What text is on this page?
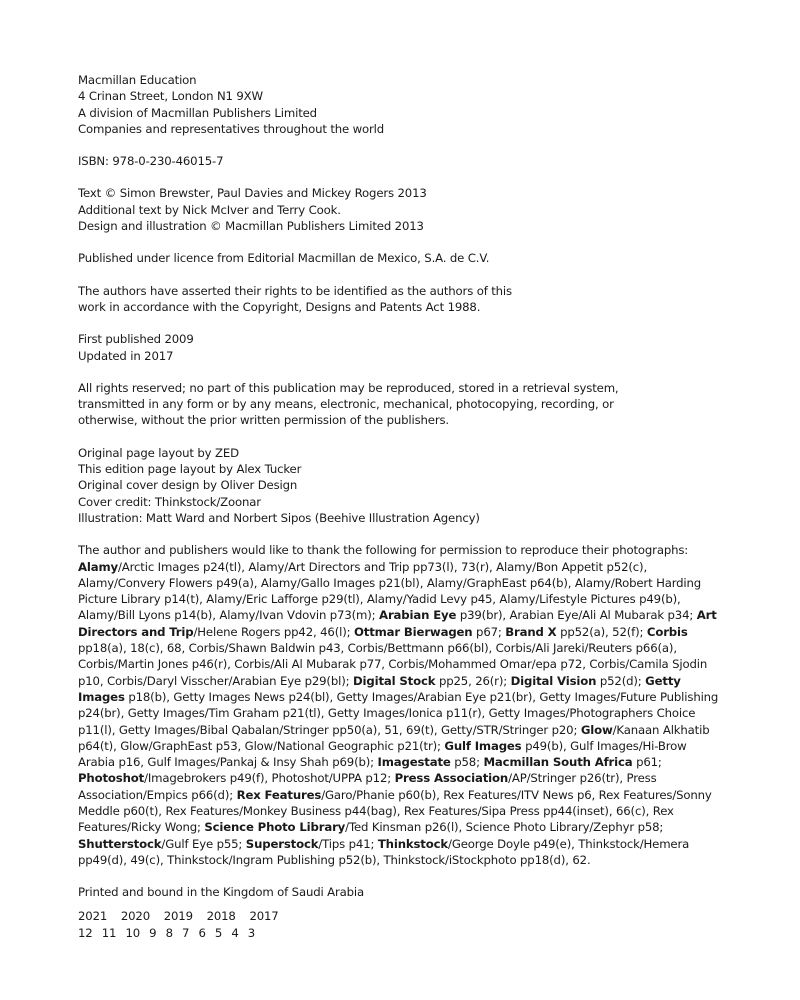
Macmillan Education
4 Crinan Street, London N1 9XW
A division of Macmillan Publishers Limited
Companies and representatives throughout the world
ISBN: 978-0-230-46015-7
Text © Simon Brewster, Paul Davies and Mickey Rogers 2013
Additional text by Nick McIver and Terry Cook.
Design and illustration © Macmillan Publishers Limited 2013
Published under licence from Editorial Macmillan de Mexico, S.A. de C.V.
The authors have asserted their rights to be identified as the authors of this
work in accordance with the Copyright, Designs and Patents Act 1988.
First published 2009
Updated in 2017
All rights reserved; no part of this publication may be reproduced, stored in a retrieval system,
transmitted in any form or by any means, electronic, mechanical, photocopying, recording, or
otherwise, without the prior written permission of the publishers.
Original page layout by ZED
This edition page layout by Alex Tucker
Original cover design by Oliver Design
Cover credit: Thinkstock/Zoonar
Illustration: Matt Ward and Norbert Sipos (Beehive Illustration Agency)
The author and publishers would like to thank the following for permission to reproduce their photographs:
Alamy/Arctic Images p24(tl), Alamy/Art Directors and Trip pp73(l), 73(r), Alamy/Bon Appetit p52(c), Alamy/Convery Flowers p49(a), Alamy/Gallo Images p21(bl), Alamy/GraphEast p64(b), Alamy/Robert Harding Picture Library p14(t), Alamy/Eric Lafforge p29(tl), Alamy/Yadid Levy p45, Alamy/Lifestyle Pictures p49(b), Alamy/Bill Lyons p14(b), Alamy/Ivan Vdovin p73(m); Arabian Eye p39(br), Arabian Eye/Ali Al Mubarak p34; Art Directors and Trip/Helene Rogers pp42, 46(l); Ottmar Bierwagen p67; Brand X pp52(a), 52(f); Corbis pp18(a), 18(c), 68, Corbis/Shawn Baldwin p43, Corbis/Bettmann p66(bl), Corbis/Ali Jareki/Reuters p66(a), Corbis/Martin Jones p46(r), Corbis/Ali Al Mubarak p77, Corbis/Mohammed Omar/epa p72, Corbis/Camila Sjodin p10, Corbis/Daryl Visscher/Arabian Eye p29(bl); Digital Stock pp25, 26(r); Digital Vision p52(d); Getty Images p18(b), Getty Images News p24(bl), Getty Images/Arabian Eye p21(br), Getty Images/Future Publishing p24(br), Getty Images/Tim Graham p21(tl), Getty Images/Ionica p11(r), Getty Images/Photographers Choice p11(l), Getty Images/Bibal Qabalan/Stringer pp50(a), 51, 69(t), Getty/STR/Stringer p20; Glow/Kanaan Alkhatib p64(t), Glow/GraphEast p53, Glow/National Geographic p21(tr); Gulf Images p49(b), Gulf Images/Hi-Brow Arabia p16, Gulf Images/Pankaj & Insy Shah p69(b); Imagestate p58; Macmillan South Africa p61; Photoshot/Imagebrokers p49(f), Photoshot/UPPA p12; Press Association/AP/Stringer p26(tr), Press Association/Empics p66(d); Rex Features/Garo/Phanie p60(b), Rex Features/ITV News p6, Rex Features/Sonny Meddle p60(t), Rex Features/Monkey Business p44(bag), Rex Features/Sipa Press pp44(inset), 66(c), Rex Features/Ricky Wong; Science Photo Library/Ted Kinsman p26(l), Science Photo Library/Zephyr p58; Shutterstock/Gulf Eye p55; Superstock/Tips p41; Thinkstock/George Doyle p49(e), Thinkstock/Hemera pp49(d), 49(c), Thinkstock/Ingram Publishing p52(b), Thinkstock/iStockphoto pp18(d), 62.
Printed and bound in the Kingdom of Saudi Arabia
2021 2020 2019 2018 2017
12 11 10 9 8 7 6 5 4 3
